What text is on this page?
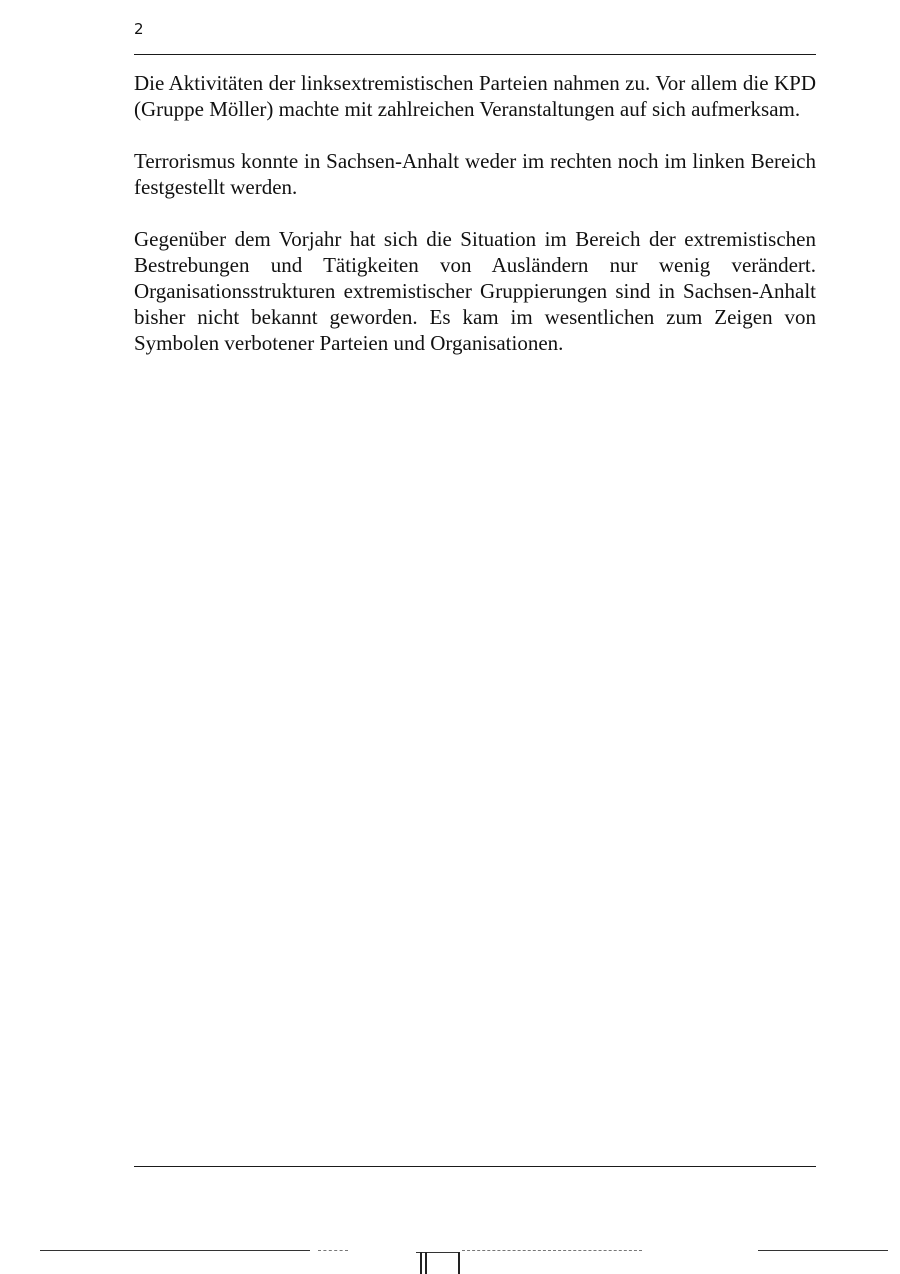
2

Die Aktivitäten der linksextremistischen Parteien nahmen zu. Vor allem die KPD (Gruppe Möller) machte mit zahlreichen Veranstaltungen auf sich aufmerksam.

Terrorismus konnte in Sachsen-Anhalt weder im rechten noch im linken Bereich festgestellt werden.

Gegenüber dem Vorjahr hat sich die Situation im Bereich der extremistischen Bestrebungen und Tätigkeiten von Ausländern nur wenig verändert. Organisationsstrukturen extremistischer Gruppierungen sind in Sachsen-Anhalt bisher nicht bekannt geworden. Es kam im wesentlichen zum Zeigen von Symbolen verbotener Parteien und Organisationen.
